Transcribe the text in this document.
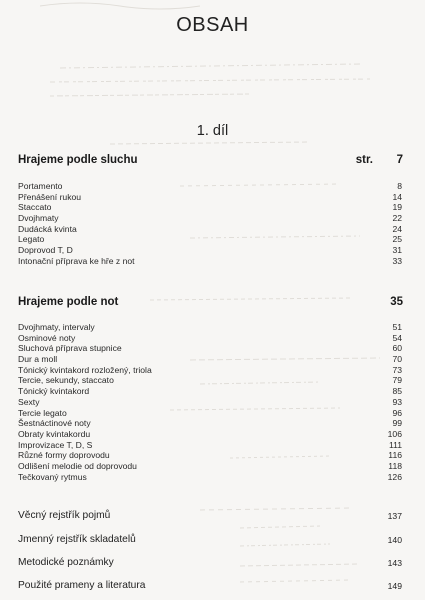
OBSAH
1. díl
Hrajeme podle sluchu	str. 7
Portamento	8
Přenášení rukou	14
Staccato	19
Dvojhmaty	22
Dudácká kvinta	24
Legato	25
Doprovod T, D	31
Intonační příprava ke hře z not	33
Hrajeme podle not	35
Dvojhmaty, intervaly	51
Osminové noty	54
Sluchová příprava stupnice	60
Dur a moll	70
Tónický kvintakord rozložený, triola	73
Tercie, sekundy, staccato	79
Tónický kvintakord	85
Sexty	93
Tercie legato	96
Šestnáctinové noty	99
Obraty kvintakordu	106
Improvizace T, D, S	111
Různé formy doprovodu	116
Odlišení melodie od doprovodu	118
Tečkovaný rytmus	126
Věcný rejstřík pojmů	137
Jmenný rejstřík skladatelů	140
Metodické poznámky	143
Použité prameny a literatura	149
